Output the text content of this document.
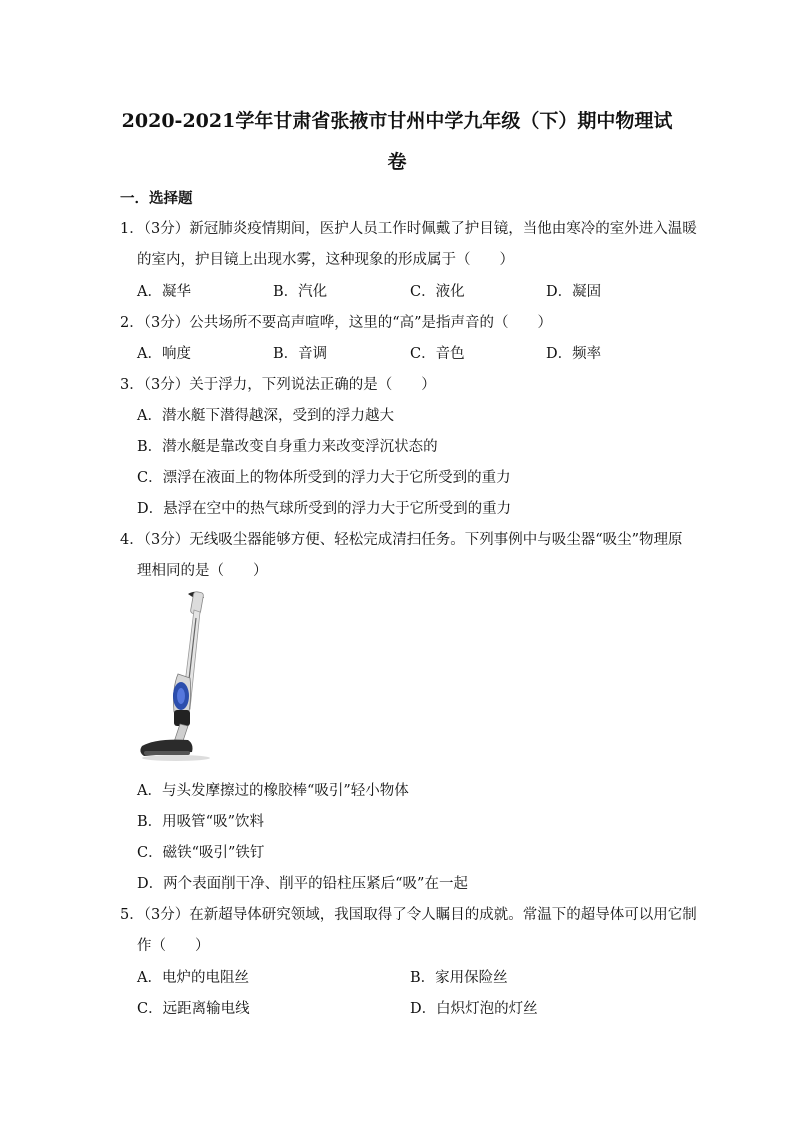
2020-2021学年甘肃省张掖市甘州中学九年级（下）期中物理试
卷
一．选择题
1．（3分）新冠肺炎疫情期间，医护人员工作时佩戴了护目镜，当他由寒冷的室外进入温暖
的室内，护目镜上出现水雾，这种现象的形成属于（　　）
A．凝华	B．汽化	C．液化	D．凝固
2．（3分）公共场所不要高声喧哗，这里的“高”是指声音的（　　）
A．响度	B．音调	C．音色	D．频率
3．（3分）关于浮力，下列说法正确的是（　　）
A．潜水艇下潜得越深，受到的浮力越大
B．潜水艇是靠改变自身重力来改变浮沉状态的
C．漂浮在液面上的物体所受到的浮力大于它所受到的重力
D．悬浮在空中的热气球所受到的浮力大于它所受到的重力
4．（3分）无线吸尘器能够方便、轻松完成清扫任务。下列事例中与吸尘器“吸尘”物理原
理相同的是（　　）
A．与头发摩擦过的橡胶棒“吸引”轻小物体
B．用吸管“吸”饮料
C．磁铁“吸引”铁钉
D．两个表面削干净、削平的铅柱压紧后“吸”在一起
5．（3分）在新超导体研究领域，我国取得了令人瞩目的成就。常温下的超导体可以用它制
作（　　）
A．电炉的电阻丝	B．家用保险丝
C．远距离输电线	D．白炽灯泡的灯丝
